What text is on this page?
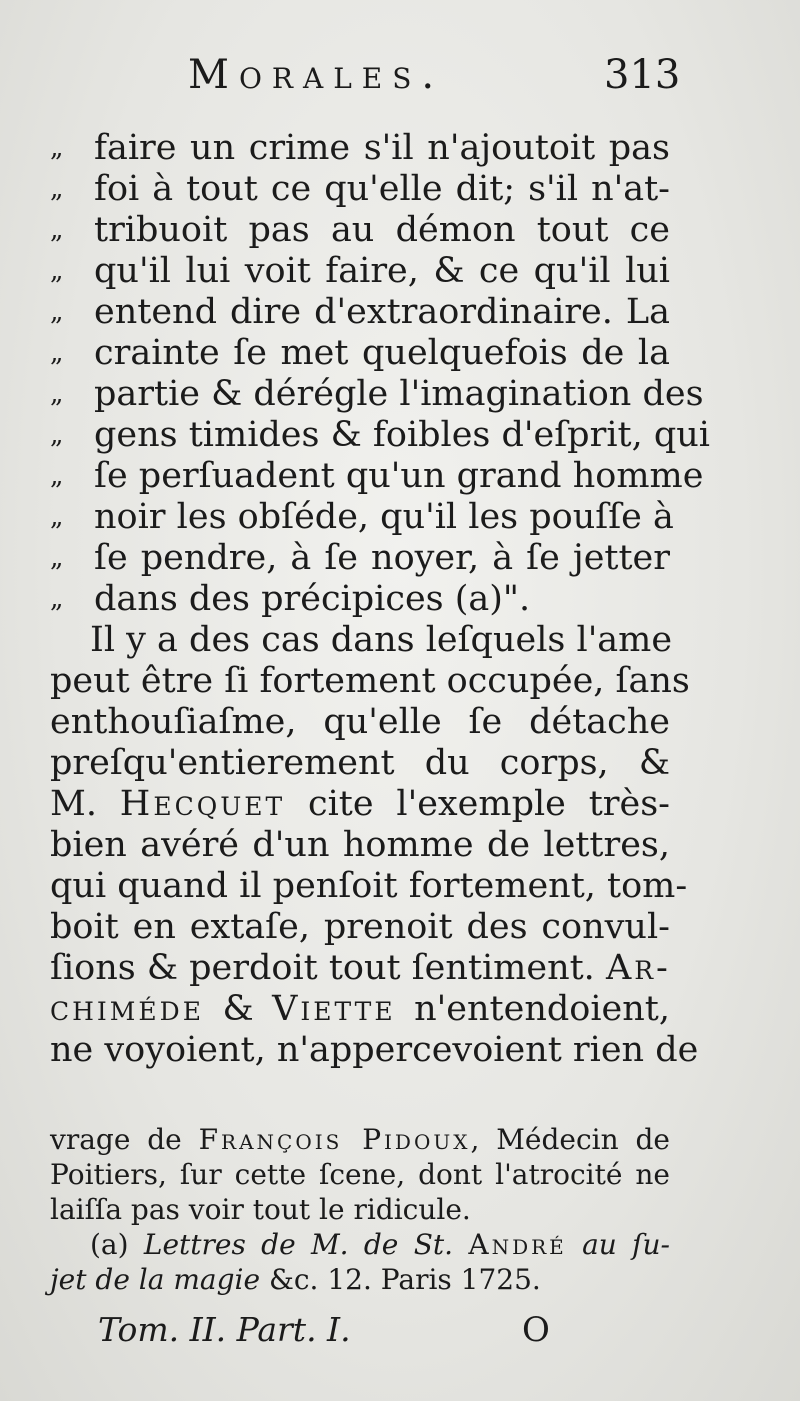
Morales.	313
„ faire un crime s'il n'ajoutoit pas
„ foi à tout ce qu'elle dit; s'il n'at-
„ tribuoit pas au démon tout ce
„ qu'il lui voit faire, & ce qu'il lui
„ entend dire d'extraordinaire. La
„ crainte ſe met quelquefois de la
„ partie & dérégle l'imagination des
„ gens timides & foibles d'eſprit, qui
„ ſe perſuadent qu'un grand homme
„ noir les obſéde, qu'il les pouſſe à
„ ſe pendre, à ſe noyer, à ſe jetter
„ dans des précipices (a)".
Il y a des cas dans leſquels l'ame
peut être ſi fortement occupée, ſans
enthouſiaſme, qu'elle ſe détache
preſqu'entierement du corps, &
M. Hecquet cite l'exemple très-
bien avéré d'un homme de lettres,
qui quand il penſoit fortement, tom-
boit en extaſe, prenoit des convul-
ſions & perdoit tout ſentiment. Ar-
chiméde & Viette n'entendoient,
ne voyoient, n'appercevoient rien de
vrage de François Pidoux, Médecin de
Poitiers, ſur cette ſcene, dont l'atrocité ne
laiſſa pas voir tout le ridicule.
(a) Lettres de M. de St. André au ſu-
jet de la magie &c. 12. Paris 1725.
Tom. II. Part. I.	O
